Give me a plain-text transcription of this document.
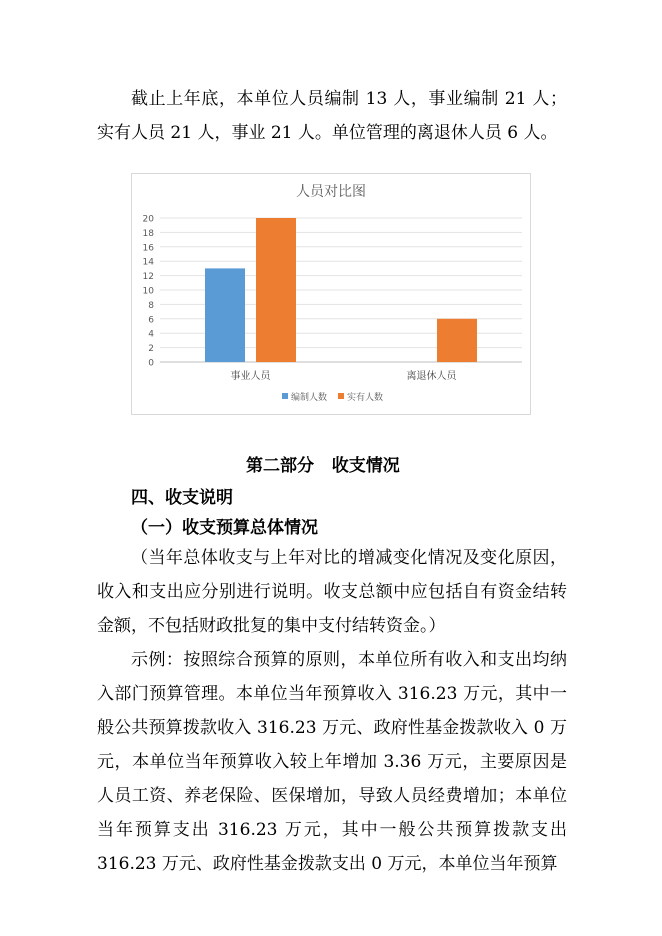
截止上年底，本单位人员编制 13 人，事业编制 21 人；实有人员 21 人，事业 21 人。单位管理的离退休人员 6 人。

人员对比图
0
2
4
6
8
10
12
14
16
18
20
事业人员	离退休人员
编制人数 实有人数
第二部分   收支情况
四、收支说明
（一）收支预算总体情况

（当年总体收支与上年对比的增减变化情况及变化原因，收入和支出应分别进行说明。收支总额中应包括自有资金结转金额，不包括财政批复的集中支付结转资金。）

示例：按照综合预算的原则，本单位所有收入和支出均纳入部门预算管理。本单位当年预算收入 316.23 万元，其中一般公共预算拨款收入 316.23 万元、政府性基金拨款收入 0 万元，本单位当年预算收入较上年增加 3.36 万元，主要原因是人员工资、养老保险、医保增加，导致人员经费增加；本单位当年预算支出 316.23 万元，其中一般公共预算拨款支出 316.23 万元、政府性基金拨款支出 0 万元，本单位当年预算
